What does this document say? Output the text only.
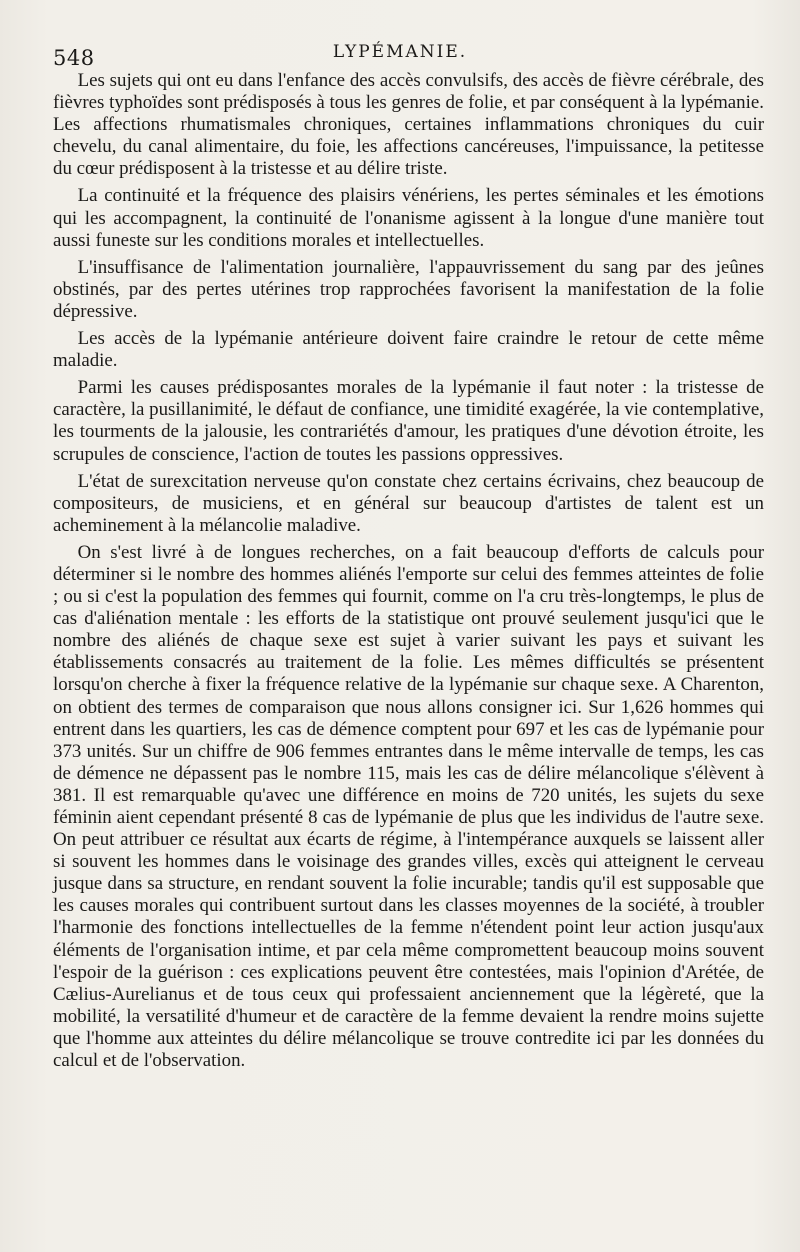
548	LYPÉMANIE.

Les sujets qui ont eu dans l'enfance des accès convulsifs, des accès de fièvre cérébrale, des fièvres typhoïdes sont prédisposés à tous les genres de folie, et par conséquent à la lypémanie. Les affections rhumatismales chroniques, certaines inflammations chroniques du cuir chevelu, du canal alimentaire, du foie, les affections cancéreuses, l'impuissance, la petitesse du cœur prédisposent à la tristesse et au délire triste.

La continuité et la fréquence des plaisirs vénériens, les pertes séminales et les émotions qui les accompagnent, la continuité de l'onanisme agissent à la longue d'une manière tout aussi funeste sur les conditions morales et intellectuelles.

L'insuffisance de l'alimentation journalière, l'appauvrissement du sang par des jeûnes obstinés, par des pertes utérines trop rapprochées favorisent la manifestation de la folie dépressive.

Les accès de la lypémanie antérieure doivent faire craindre le retour de cette même maladie.

Parmi les causes prédisposantes morales de la lypémanie il faut noter : la tristesse de caractère, la pusillanimité, le défaut de confiance, une timidité exagérée, la vie contemplative, les tourments de la jalousie, les contrariétés d'amour, les pratiques d'une dévotion étroite, les scrupules de conscience, l'action de toutes les passions oppressives.

L'état de surexcitation nerveuse qu'on constate chez certains écrivains, chez beaucoup de compositeurs, de musiciens, et en général sur beaucoup d'artistes de talent est un acheminement à la mélancolie maladive.

On s'est livré à de longues recherches, on a fait beaucoup d'efforts de calculs pour déterminer si le nombre des hommes aliénés l'emporte sur celui des femmes atteintes de folie ; ou si c'est la population des femmes qui fournit, comme on l'a cru très-longtemps, le plus de cas d'aliénation mentale : les efforts de la statistique ont prouvé seulement jusqu'ici que le nombre des aliénés de chaque sexe est sujet à varier suivant les pays et suivant les établissements consacrés au traitement de la folie. Les mêmes difficultés se présentent lorsqu'on cherche à fixer la fréquence relative de la lypémanie sur chaque sexe. A Charenton, on obtient des termes de comparaison que nous allons consigner ici. Sur 1,626 hommes qui entrent dans les quartiers, les cas de démence comptent pour 697 et les cas de lypémanie pour 373 unités. Sur un chiffre de 906 femmes entrantes dans le même intervalle de temps, les cas de démence ne dépassent pas le nombre 115, mais les cas de délire mélancolique s'élèvent à 381. Il est remarquable qu'avec une différence en moins de 720 unités, les sujets du sexe féminin aient cependant présenté 8 cas de lypémanie de plus que les individus de l'autre sexe. On peut attribuer ce résultat aux écarts de régime, à l'intempérance auxquels se laissent aller si souvent les hommes dans le voisinage des grandes villes, excès qui atteignent le cerveau jusque dans sa structure, en rendant souvent la folie incurable; tandis qu'il est supposable que les causes morales qui contribuent surtout dans les classes moyennes de la société, à troubler l'harmonie des fonctions intellectuelles de la femme n'étendent point leur action jusqu'aux éléments de l'organisation intime, et par cela même compromettent beaucoup moins souvent l'espoir de la guérison : ces explications peuvent être contestées, mais l'opinion d'Arétée, de Cælius-Aurelianus et de tous ceux qui professaient anciennement que la légèreté, que la mobilité, la versatilité d'humeur et de caractère de la femme devaient la rendre moins sujette que l'homme aux atteintes du délire mélancolique se trouve contredite ici par les données du calcul et de l'observation.
